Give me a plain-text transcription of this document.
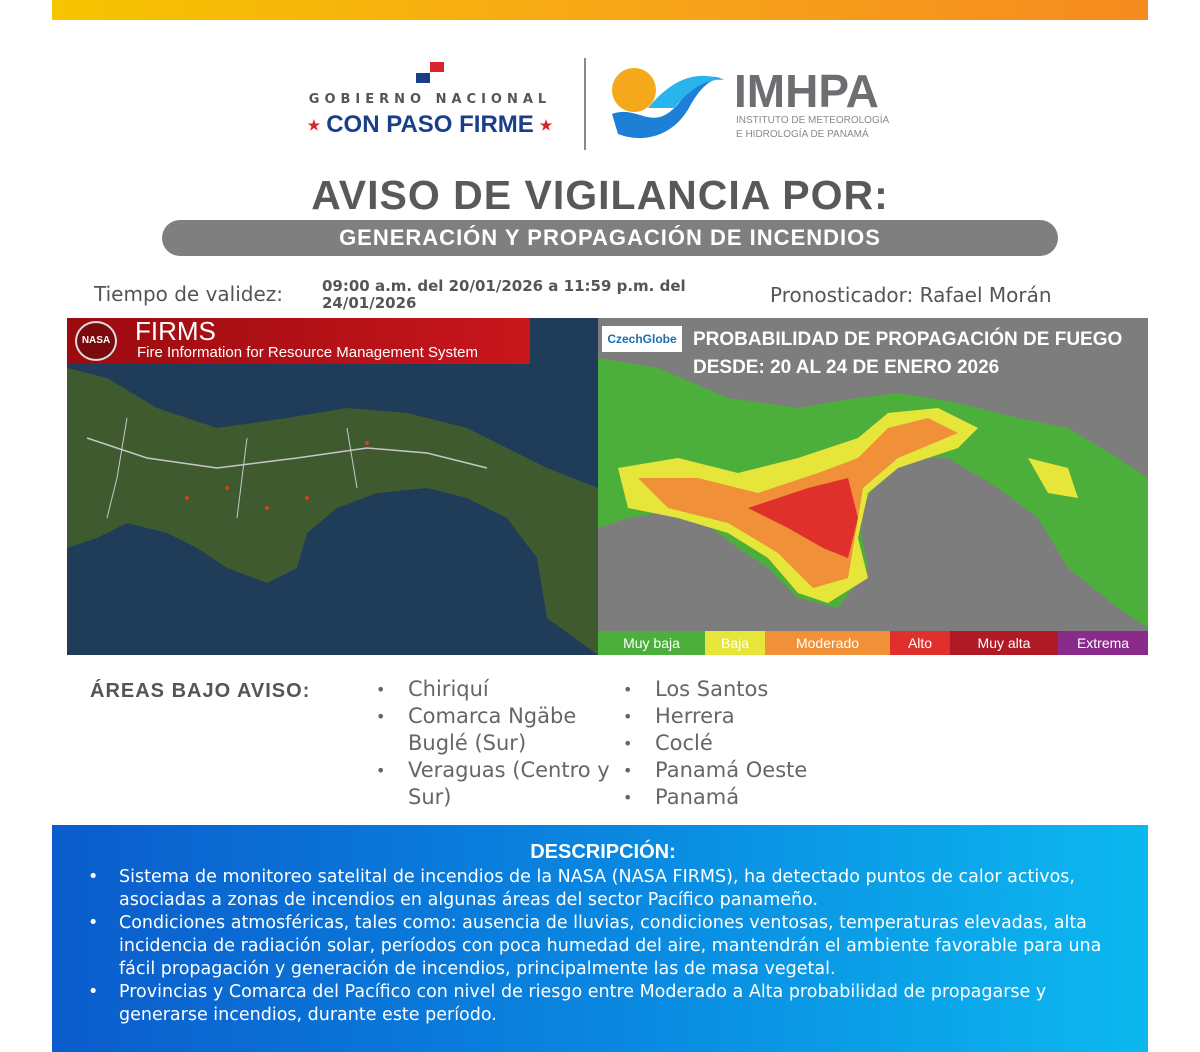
GOBIERNO NACIONAL
★ CON PASO FIRME ★
IMHPA
INSTITUTO DE METEOROLOGÍA
E HIDROLOGÍA DE PANAMÁ
AVISO DE VIGILANCIA POR:
GENERACIÓN Y PROPAGACIÓN DE INCENDIOS
Tiempo de validez:	09:00 a.m. del 20/01/2026 a 11:59 p.m. del 24/01/2026	Pronosticador: Rafael Morán
NASA FIRMS
Fire Information for Resource Management System
CzechGlobe PROBABILIDAD DE PROPAGACIÓN DE FUEGO
DESDE: 20 AL 24 DE ENERO 2026
Muy baja	Baja	Moderado	Alto	Muy alta	Extrema
ÁREAS BAJO AVISO:	• Chiriquí
• Comarca Ngäbe Buglé (Sur)
• Veraguas (Centro y Sur)
• Los Santos
• Herrera
• Coclé
• Panamá Oeste
• Panamá
DESCRIPCIÓN:
• Sistema de monitoreo satelital de incendios de la NASA (NASA FIRMS), ha detectado puntos de calor activos, asociadas a zonas de incendios en algunas áreas del sector Pacífico panameño.
• Condiciones atmosféricas, tales como: ausencia de lluvias, condiciones ventosas, temperaturas elevadas, alta incidencia de radiación solar, períodos con poca humedad del aire, mantendrán el ambiente favorable para una fácil propagación y generación de incendios, principalmente las de masa vegetal.
• Provincias y Comarca del Pacífico con nivel de riesgo entre Moderado a Alta probabilidad de propagarse y generarse incendios, durante este período.
